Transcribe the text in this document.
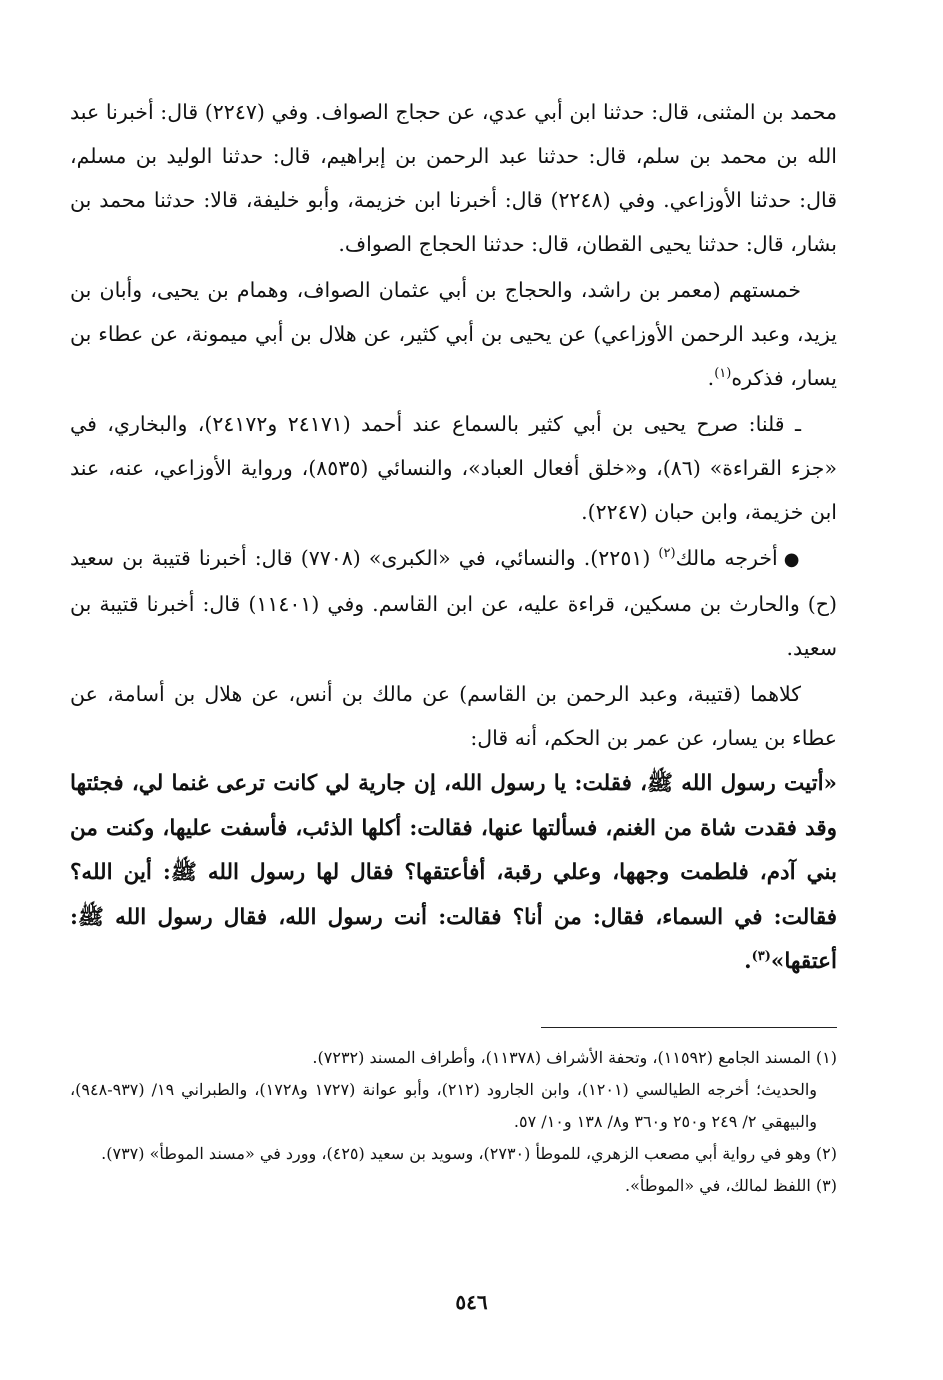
محمد بن المثنى، قال: حدثنا ابن أبي عدي، عن حجاج الصواف. وفي (٢٢٤٧) قال: أخبرنا عبد الله بن محمد بن سلم، قال: حدثنا عبد الرحمن بن إبراهيم، قال: حدثنا الوليد بن مسلم، قال: حدثنا الأوزاعي. وفي (٢٢٤٨) قال: أخبرنا ابن خزيمة، وأبو خليفة، قالا: حدثنا محمد بن بشار، قال: حدثنا يحيى القطان، قال: حدثنا الحجاج الصواف.

خمستهم (معمر بن راشد، والحجاج بن أبي عثمان الصواف، وهمام بن يحيى، وأبان بن يزيد، وعبد الرحمن الأوزاعي) عن يحيى بن أبي كثير، عن هلال بن أبي ميمونة، عن عطاء بن يسار، فذكره$^{(١)}$.

ـ قلنا: صرح يحيى بن أبي كثير بالسماع عند أحمد (٢٤١٧١ و٢٤١٧٢)، والبخاري، في «جزء القراءة» (٨٦)، و«خلق أفعال العباد»، والنسائي (٨٥٣٥)، ورواية الأوزاعي، عنه، عند ابن خزيمة، وابن حبان (٢٢٤٧).

●أخرجه مالك$^{(٢)}$ (٢٢٥١). والنسائي، في «الكبرى» (٧٧٠٨) قال: أخبرنا قتيبة بن سعيد (ح) والحارث بن مسكين، قراءة عليه، عن ابن القاسم. وفي (١١٤٠١) قال: أخبرنا قتيبة بن سعيد.

كلاهما (قتيبة، وعبد الرحمن بن القاسم) عن مالك بن أنس، عن هلال بن أسامة، عن عطاء بن يسار، عن عمر بن الحكم، أنه قال:

«أتيت رسول الله ﷺ، فقلت: يا رسول الله، إن جارية لي كانت ترعى غنما لي، فجئتها وقد فقدت شاة من الغنم، فسألتها عنها، فقالت: أكلها الذئب، فأسفت عليها، وكنت من بني آدم، فلطمت وجهها، وعلي رقبة، أفأعتقها؟ فقال لها رسول الله ﷺ: أين الله؟ فقالت: في السماء، فقال: من أنا؟ فقالت: أنت رسول الله، فقال رسول الله ﷺ: أعتقها»$^{(٣)}$.

(١) المسند الجامع (١١٥٩٢)، وتحفة الأشراف (١١٣٧٨)، وأطراف المسند (٧٢٣٢).

والحديث؛ أخرجه الطيالسي (١٢٠١)، وابن الجارود (٢١٢)، وأبو عوانة (١٧٢٧ و١٧٢٨)، والطبراني ١٩/ (٩٣٧-٩٤٨)، والبيهقي ٢/ ٢٤٩ و٢٥٠ و٣٦٠ و٨/ ١٣٨ و١٠/ ٥٧.

(٢) وهو في رواية أبي مصعب الزهري، للموطأ (٢٧٣٠)، وسويد بن سعيد (٤٢٥)، وورد في «مسند الموطأ» (٧٣٧).

(٣) اللفظ لمالك، في «الموطأ».

٥٤٦
